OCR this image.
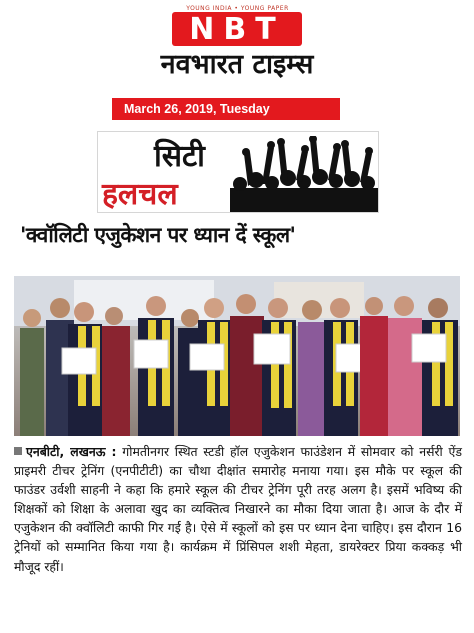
YOUNG INDIA • YOUNG PAPER
NBT
नवभारत टाइम्स
March 26, 2019, Tuesday
सिटी
हलचल
'क्वॉलिटी एजुकेशन पर ध्यान दें स्कूल'
एनबीटी, लखनऊ : गोमतीनगर स्थित स्टडी हॉल एजुकेशन फाउंडेशन में सोमवार को नर्सरी ऐंड प्राइमरी टीचर ट्रेनिंग (एनपीटीटी) का चौथा दीक्षांत समारोह मनाया गया। इस मौके पर स्कूल की फाउंडर उर्वशी साहनी ने कहा कि हमारे स्कूल की टीचर ट्रेनिंग पूरी तरह अलग है। इसमें भविष्य की शिक्षकों को शिक्षा के अलावा खुद का व्यक्तित्व निखारने का मौका दिया जाता है। आज के दौर में एजुकेशन की क्वॉलिटी काफी गिर गई है। ऐसे में स्कूलों को इस पर ध्यान देना चाहिए। इस दौरान 16 ट्रेनियों को सम्मानित किया गया है। कार्यक्रम में प्रिंसिपल शशी मेहता, डायरेक्टर प्रिया कक्कड़ भी मौजूद रहीं।
